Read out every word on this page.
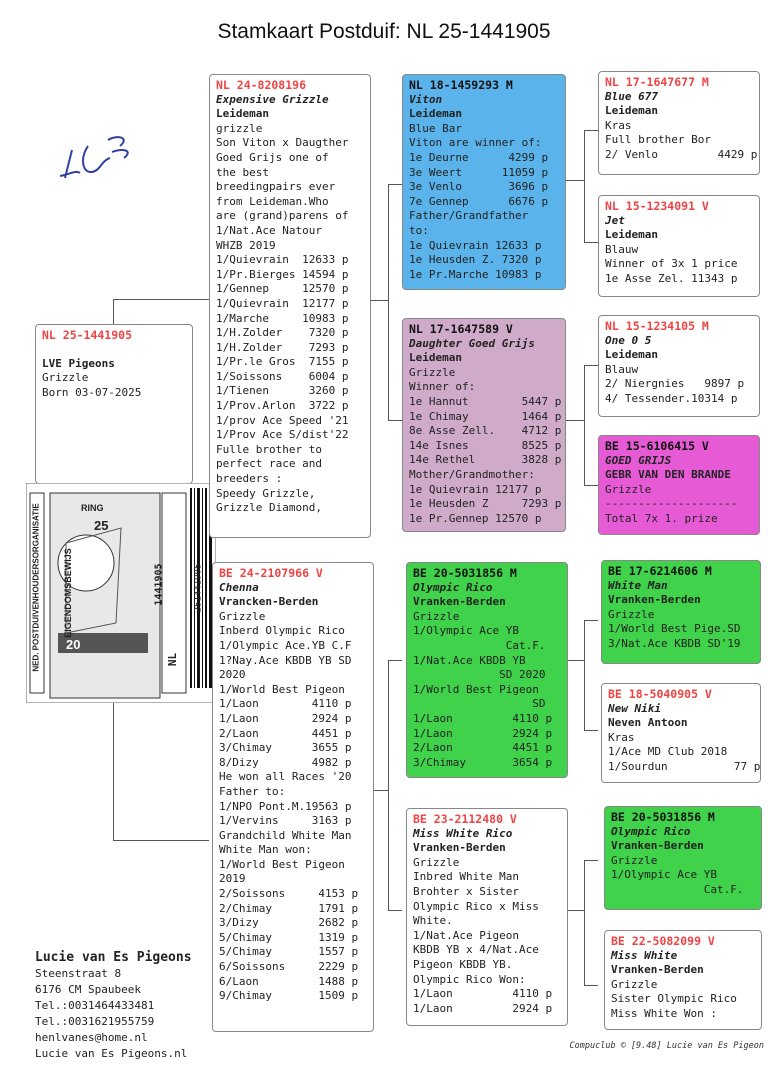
Stamkaart Postduif: NL 25-1441905
NL 25-1441905
LVE Pigeons
Grizzle
Born 03-07-2025
NED. POSTDUIVENHOUDERSORGANISATIE	EIGENDOMSBEWIJS
RING
25
20
1441905
NL
251441905
NL 24-8208196
Expensive Grizzle
Leideman
grizzle
Son Viton x Daugther
Goed Grijs one of
the best
breedingpairs ever
from Leideman.Who
are (grand)parens of
1/Nat.Ace Natour
WHZB 2019
1/Quievrain  12633 p
1/Pr.Bierges 14594 p
1/Gennep     12570 p
1/Quievrain  12177 p
1/Marche     10983 p
1/H.Zolder    7320 p
1/H.Zolder    7293 p
1/Pr.le Gros  7155 p
1/Soissons    6004 p
1/Tienen      3260 p
1/Prov.Arlon  3722 p
1/prov Ace Speed '21
1/Prov Ace S/dist'22
Fulle brother to
perfect race and
breeders :
Speedy Grizzle,
Grizzle Diamond,
BE 24-2107966 V
Chenna
Vrancken-Berden
Grizzle
Inberd Olympic Rico
1/Olympic Ace.YB C.F
1?Nay.Ace KBDB YB SD
2020
1/World Best Pigeon
1/Laon        4110 p
1/Laon        2924 p
2/Laon        4451 p
3/Chimay      3655 p
8/Dizy        4982 p
He won all Races '20
Father to:
1/NPO Pont.M.19563 p
1/Vervins     3163 p
Grandchild White Man
White Man won:
1/World Best Pigeon
2019
2/Soissons     4153 p
2/Chimay       1791 p
3/Dizy         2682 p
5/Chimay       1319 p
5/Chimay       1557 p
6/Soissons     2229 p
6/Laon         1488 p
9/Chimay       1509 p
NL 18-1459293 M
Viton
Leideman
Blue Bar
Viton are winner of:
1e Deurne      4299 p
3e Weert      11059 p
3e Venlo       3696 p
7e Gennep      6676 p
Father/Grandfather
to:
1e Quievrain 12633 p
1e Heusden Z. 7320 p
1e Pr.Marche 10983 p
NL 17-1647589 V
Daughter Goed Grijs
Leideman
Grizzle
Winner of:
1e Hannut        5447 p
1e Chimay        1464 p
8e Asse Zell.    4712 p
14e Isnes        8525 p
14e Rethel       3828 p
Mother/Grandmother:
1e Quievrain 12177 p
1e Heusden Z     7293 p
1e Pr.Gennep 12570 p
BE 20-5031856 M
Olympic Rico
Vranken-Berden
Grizzle
1/Olympic Ace YB
Cat.F.
1/Nat.Ace KBDB YB
SD 2020
1/World Best Pigeon
SD
1/Laon         4110 p
1/Laon         2924 p
2/Laon         4451 p
3/Chimay       3654 p
BE 23-2112480 V
Miss White Rico
Vranken-Berden
Grizzle
Inbred White Man
Brohter x Sister
Olympic Rico x Miss
White.
1/Nat.Ace Pigeon
KBDB YB x 4/Nat.Ace
Pigeon KBDB YB.
Olympic Rico Won:
1/Laon         4110 p
1/Laon         2924 p
NL 17-1647677 M
Blue 677
Leideman
Kras
Full brother Bor
2/ Venlo         4429 p
NL 15-1234091 V
Jet
Leideman
Blauw
Winner of 3x 1 price
1e Asse Zel. 11343 p
NL 15-1234105 M
One 0 5
Leideman
Blauw
2/ Niergnies   9897 p
4/ Tessender.10314 p
BE 15-6106415 V
GOED GRIJS
GEBR VAN DEN BRANDE
Grizzle
--------------------
Total 7x 1. prize
BE 17-6214606 M
White Man
Vranken-Berden
Grizzle
1/World Best Pige.SD
3/Nat.Ace KBDB SD'19
BE 18-5040905 V
New Niki
Neven Antoon
Kras
1/Ace MD Club 2018
1/Sourdun          77 p
BE 20-5031856 M
Olympic Rico
Vranken-Berden
Grizzle
1/Olympic Ace YB
Cat.F.
BE 22-5082099 V
Miss White
Vranken-Berden
Grizzle
Sister Olympic Rico
Miss White Won :
Lucie van Es Pigeons
Steenstraat 8
6176 CM Spaubeek
Tel.:0031464433481
Tel.:0031621955759
henlvanes@home.nl
Lucie van Es Pigeons.nl
Compuclub © [9.48] Lucie van Es Pigeon
